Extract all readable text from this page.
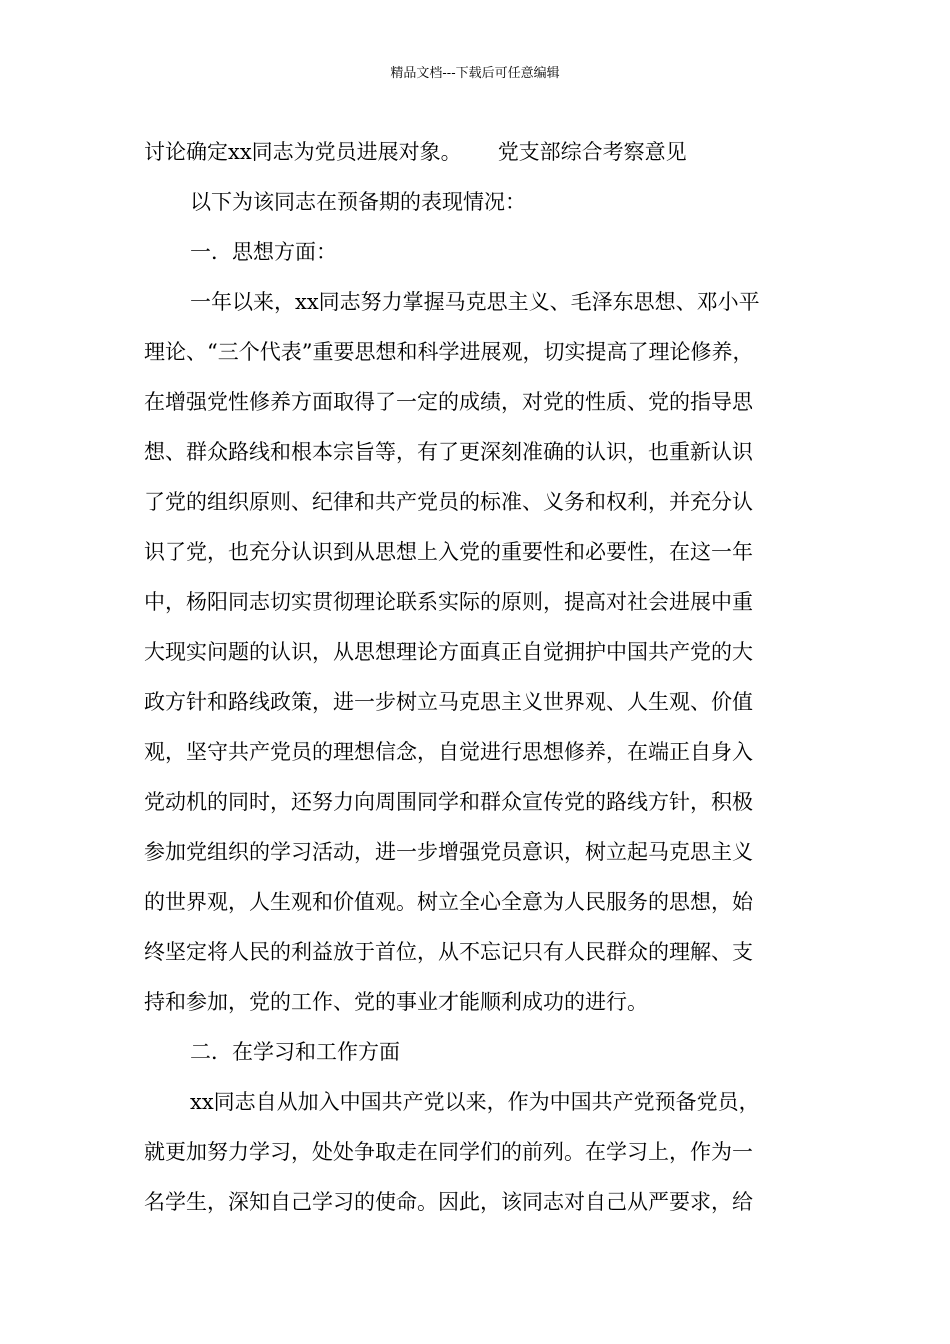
精品文档---下载后可任意编辑
讨论确定xx同志为党员进展对象。 党支部综合考察意见
以下为该同志在预备期的表现情况：
一．思想方面：
一年以来，xx同志努力掌握马克思主义、毛泽东思想、邓小平
理论、“三个代表”重要思想和科学进展观，切实提高了理论修养，
在增强党性修养方面取得了一定的成绩，对党的性质、党的指导思
想、群众路线和根本宗旨等，有了更深刻准确的认识，也重新认识
了党的组织原则、纪律和共产党员的标准、义务和权利，并充分认
识了党，也充分认识到从思想上入党的重要性和必要性，在这一年
中，杨阳同志切实贯彻理论联系实际的原则，提高对社会进展中重
大现实问题的认识，从思想理论方面真正自觉拥护中国共产党的大
政方针和路线政策，进一步树立马克思主义世界观、人生观、价值
观，坚守共产党员的理想信念，自觉进行思想修养，在端正自身入
党动机的同时，还努力向周围同学和群众宣传党的路线方针，积极
参加党组织的学习活动，进一步增强党员意识，树立起马克思主义
的世界观，人生观和价值观。树立全心全意为人民服务的思想，始
终坚定将人民的利益放于首位，从不忘记只有人民群众的理解、支
持和参加，党的工作、党的事业才能顺利成功的进行。
二．在学习和工作方面
xx同志自从加入中国共产党以来，作为中国共产党预备党员，
就更加努力学习，处处争取走在同学们的前列。在学习上，作为一
名学生，深知自己学习的使命。因此，该同志对自己从严要求，给
